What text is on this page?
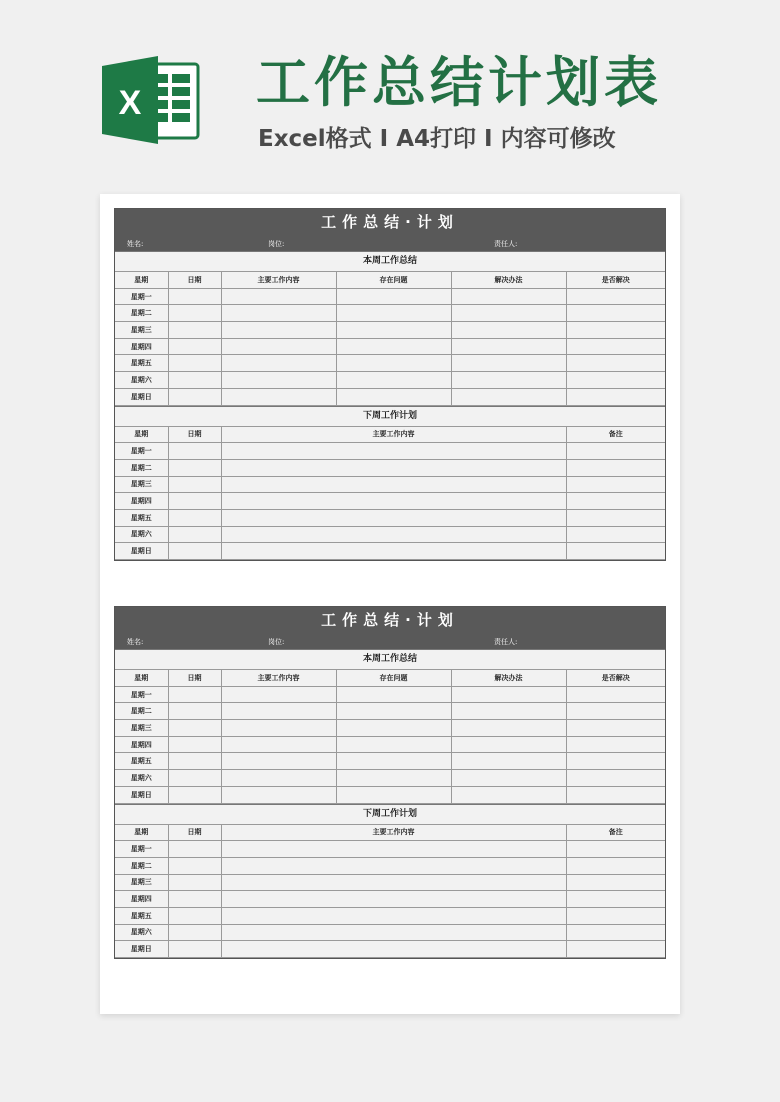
X 工作总结计划表
Excel格式 I A4打印 I 内容可修改
工作总结·计划
姓名:	岗位:	责任人:
本周工作总结
星期	日期	主要工作内容	存在问题	解决办法	是否解决
星期一					
星期二					
星期三					
星期四					
星期五					
星期六					
星期日					
下周工作计划
星期	日期	主要工作内容	备注
星期一			
星期二			
星期三			
星期四			
星期五			
星期六			
星期日			
工作总结·计划
姓名:	岗位:	责任人:
本周工作总结
星期	日期	主要工作内容	存在问题	解决办法	是否解决
星期一					
星期二					
星期三					
星期四					
星期五					
星期六					
星期日					
下周工作计划
星期	日期	主要工作内容	备注
星期一			
星期二			
星期三			
星期四			
星期五			
星期六			
星期日			
